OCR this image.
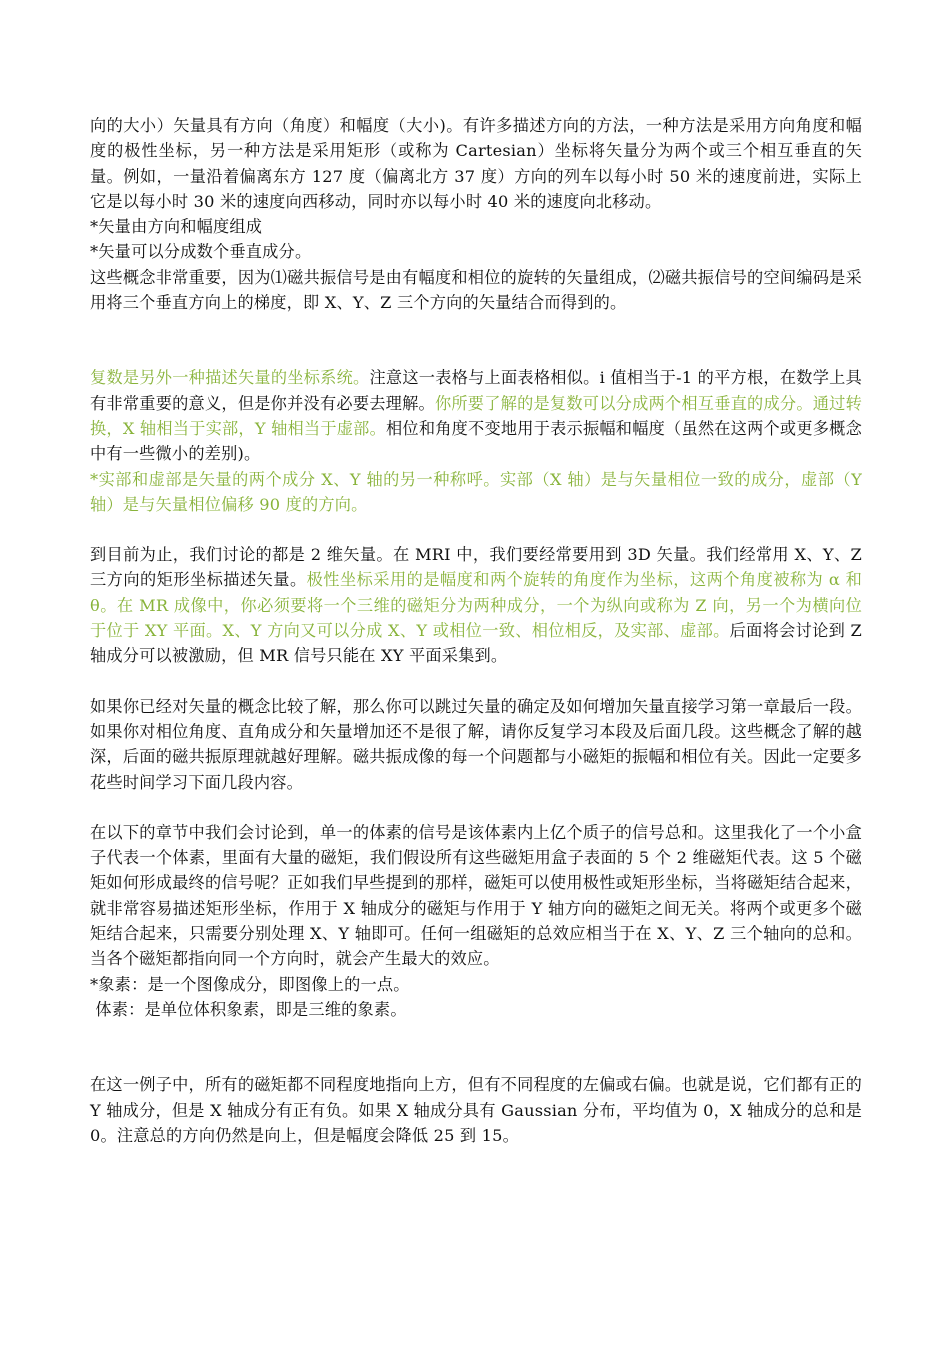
向的大小）矢量具有方向（角度）和幅度（大小)。有许多描述方向的方法，一种方法是采用方向角度和幅度的极性坐标，另一种方法是采用矩形（或称为 Cartesian）坐标将矢量分为两个或三个相互垂直的矢量。例如，一量沿着偏离东方 127 度（偏离北方 37 度）方向的列车以每小时 50 米的速度前进，实际上它是以每小时 30 米的速度向西移动，同时亦以每小时 40 米的速度向北移动。

*矢量由方向和幅度组成

*矢量可以分成数个垂直成分。

这些概念非常重要，因为⑴磁共振信号是由有幅度和相位的旋转的矢量组成，⑵磁共振信号的空间编码是采用将三个垂直方向上的梯度，即 X、Y、Z 三个方向的矢量结合而得到的。

复数是另外一种描述矢量的坐标系统。注意这一表格与上面表格相似。i 值相当于-1 的平方根，在数学上具有非常重要的意义，但是你并没有必要去理解。你所要了解的是复数可以分成两个相互垂直的成分。通过转换，X 轴相当于实部，Y 轴相当于虚部。相位和角度不变地用于表示振幅和幅度（虽然在这两个或更多概念中有一些微小的差别)。

*实部和虚部是矢量的两个成分 X、Y 轴的另一种称呼。实部（X 轴）是与矢量相位一致的成分，虚部（Y 轴）是与矢量相位偏移 90 度的方向。

到目前为止，我们讨论的都是 2 维矢量。在 MRI 中，我们要经常要用到 3D 矢量。我们经常用 X、Y、Z 三方向的矩形坐标描述矢量。极性坐标采用的是幅度和两个旋转的角度作为坐标，这两个角度被称为 α 和 θ。在 MR 成像中，你必须要将一个三维的磁矩分为两种成分，一个为纵向或称为 Z 向，另一个为横向位于位于 XY 平面。X、Y 方向又可以分成 X、Y 或相位一致、相位相反，及实部、虚部。后面将会讨论到 Z 轴成分可以被激励，但 MR 信号只能在 XY 平面采集到。

如果你已经对矢量的概念比较了解，那么你可以跳过矢量的确定及如何增加矢量直接学习第一章最后一段。如果你对相位角度、直角成分和矢量增加还不是很了解，请你反复学习本段及后面几段。这些概念了解的越深，后面的磁共振原理就越好理解。磁共振成像的每一个问题都与小磁矩的振幅和相位有关。因此一定要多花些时间学习下面几段内容。

在以下的章节中我们会讨论到，单一的体素的信号是该体素内上亿个质子的信号总和。这里我化了一个小盒子代表一个体素，里面有大量的磁矩，我们假设所有这些磁矩用盒子表面的 5 个 2 维磁矩代表。这 5 个磁矩如何形成最终的信号呢？正如我们早些提到的那样，磁矩可以使用极性或矩形坐标，当将磁矩结合起来，就非常容易描述矩形坐标，作用于 X 轴成分的磁矩与作用于 Y 轴方向的磁矩之间无关。将两个或更多个磁矩结合起来，只需要分别处理 X、Y 轴即可。任何一组磁矩的总效应相当于在 X、Y、Z 三个轴向的总和。当各个磁矩都指向同一个方向时，就会产生最大的效应。

*象素：是一个图像成分，即图像上的一点。

体素：是单位体积象素，即是三维的象素。

在这一例子中，所有的磁矩都不同程度地指向上方，但有不同程度的左偏或右偏。也就是说，它们都有正的 Y 轴成分，但是 X 轴成分有正有负。如果 X 轴成分具有 Gaussian 分布，平均值为 0，X 轴成分的总和是 0。注意总的方向仍然是向上，但是幅度会降低 25 到 15。
